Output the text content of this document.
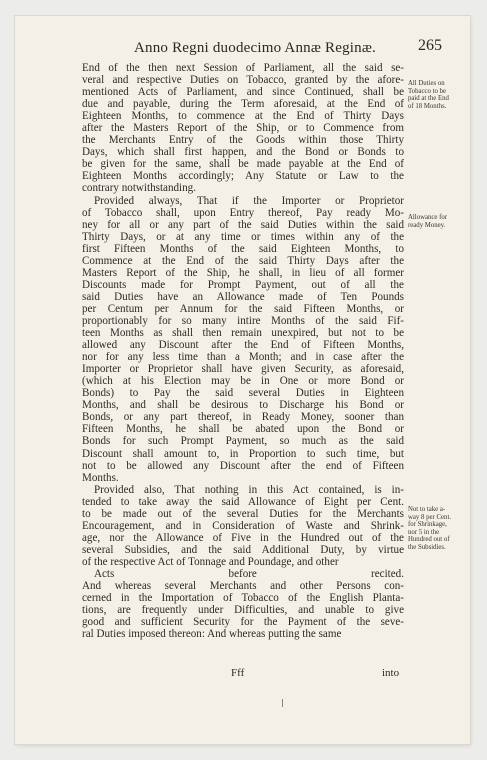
Anno Regni duodecimo Annæ Reginæ.	265
End of the then next Session of Parliament, all the said se-
veral and respective Duties on Tobacco, granted by the afore-
mentioned Acts of Parliament, and since Continued, shall be
due and payable, during the Term aforesaid, at the End of
Eighteen Months, to commence at the End of Thirty Days
after the Masters Report of the Ship, or to Commence from
the Merchants Entry of the Goods within those Thirty
Days, which shall first happen, and the Bond or Bonds to
be given for the same, shall be made payable at the End of
Eighteen Months accordingly; Any Statute or Law to the
contrary notwithstanding.
Provided always, That if the Importer or Proprietor
of Tobacco shall, upon Entry thereof, Pay ready Mo-
ney for all or any part of the said Duties within the said
Thirty Days, or at any time or times within any of the
first Fifteen Months of the said Eighteen Months, to
Commence at the End of the said Thirty Days after the
Masters Report of the Ship, he shall, in lieu of all former
Discounts made for Prompt Payment, out of all the
said Duties have an Allowance made of Ten Pounds
per Centum per Annum for the said Fifteen Months, or
proportionably for so many intire Months of the said Fif-
teen Months as shall then remain unexpired, but not to be
allowed any Discount after the End of Fifteen Months,
nor for any less time than a Month; and in case after the
Importer or Proprietor shall have given Security, as aforesaid,
(which at his Election may be in One or more Bond or
Bonds) to Pay the said several Duties in Eighteen
Months, and shall be desirous to Discharge his Bond or
Bonds, or any part thereof, in Ready Money, sooner than
Fifteen Months, he shall be abated upon the Bond or
Bonds for such Prompt Payment, so much as the said
Discount shall amount to, in Proportion to such time, but
not to be allowed any Discount after the end of Fifteen
Months.
Provided also, That nothing in this Act contained, is in-
tended to take away the said Allowance of Eight per Cent.
to be made out of the several Duties for the Merchants
Encouragement, and in Consideration of Waste and Shrink-
age, nor the Allowance of Five in the Hundred out of the
several Subsidies, and the said Additional Duty, by virtue
of the respective Act of Tonnage and Poundage, and other
Acts before recited.
And whereas several Merchants and other Persons con-
cerned in the Importation of Tobacco of the English Planta-
tions, are frequently under Difficulties, and unable to give
good and sufficient Security for the Payment of the seve-
ral Duties imposed thereon: And whereas putting the same
All Duties on
Tobacco to be
paid at the End
of 18 Months.
Allowance for
ready Money.
Not to take a-
way 8 per Cent.
for Shrinkage,
nor 5 in the
Hundred out of
the Subsidies.
Fff	into
